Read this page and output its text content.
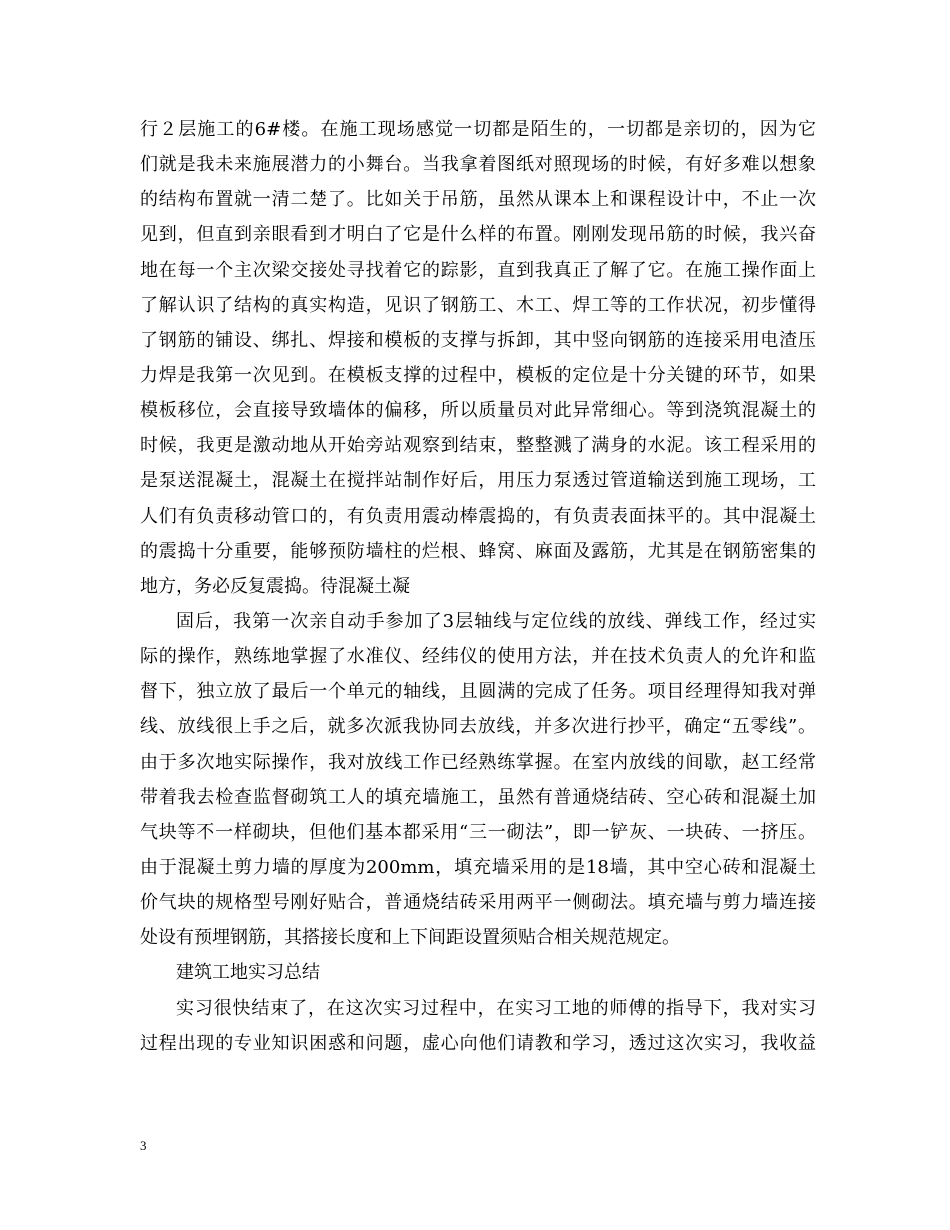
行２层施工的6#楼。在施工现场感觉一切都是陌生的，一切都是亲切的，因为它
们就是我未来施展潜力的小舞台。当我拿着图纸对照现场的时候，有好多难以想象
的结构布置就一清二楚了。比如关于吊筋，虽然从课本上和课程设计中，不止一次
见到，但直到亲眼看到才明白了它是什么样的布置。刚刚发现吊筋的时候，我兴奋
地在每一个主次梁交接处寻找着它的踪影，直到我真正了解了它。在施工操作面上
了解认识了结构的真实构造，见识了钢筋工、木工、焊工等的工作状况，初步懂得
了钢筋的铺设、绑扎、焊接和模板的支撑与拆卸，其中竖向钢筋的连接采用电渣压
力焊是我第一次见到。在模板支撑的过程中，模板的定位是十分关键的环节，如果
模板移位，会直接导致墙体的偏移，所以质量员对此异常细心。等到浇筑混凝土的
时候，我更是激动地从开始旁站观察到结束，整整溅了满身的水泥。该工程采用的
是泵送混凝土，混凝土在搅拌站制作好后，用压力泵透过管道输送到施工现场，工
人们有负责移动管口的，有负责用震动棒震捣的，有负责表面抹平的。其中混凝土
的震捣十分重要，能够预防墙柱的烂根、蜂窝、麻面及露筋，尤其是在钢筋密集的
地方，务必反复震捣。待混凝土凝
固后，我第一次亲自动手参加了3层轴线与定位线的放线、弹线工作，经过实
际的操作，熟练地掌握了水准仪、经纬仪的使用方法，并在技术负责人的允许和监
督下，独立放了最后一个单元的轴线，且圆满的完成了任务。项目经理得知我对弹
线、放线很上手之后，就多次派我协同去放线，并多次进行抄平，确定“五零线”。
由于多次地实际操作，我对放线工作已经熟练掌握。在室内放线的间歇，赵工经常
带着我去检查监督砌筑工人的填充墙施工，虽然有普通烧结砖、空心砖和混凝土加
气块等不一样砌块，但他们基本都采用“三一砌法”，即一铲灰、一块砖、一挤压。
由于混凝土剪力墙的厚度为200mm，填充墙采用的是18墙，其中空心砖和混凝土
价气块的规格型号刚好贴合，普通烧结砖采用两平一侧砌法。填充墙与剪力墙连接
处设有预埋钢筋，其搭接长度和上下间距设置须贴合相关规范规定。
建筑工地实习总结
实习很快结束了，在这次实习过程中，在实习工地的师傅的指导下，我对实习
过程出现的专业知识困惑和问题，虚心向他们请教和学习，透过这次实习，我收益
3
